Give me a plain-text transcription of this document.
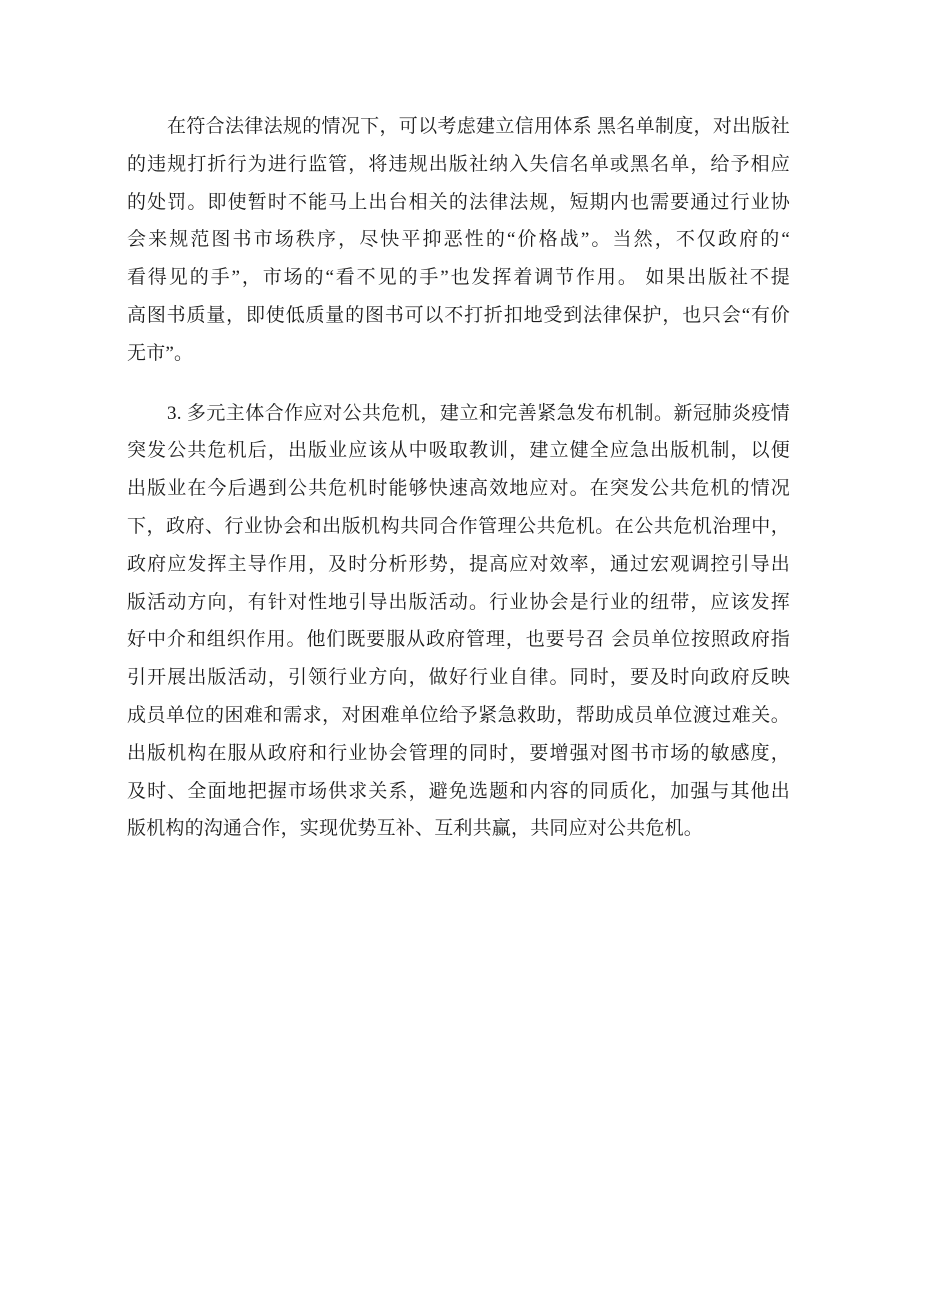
在符合法律法规的情况下，可以考虑建立信用体系 黑名单制度，对出版社
的违规打折行为进行监管，将违规出版社纳入失信名单或黑名单，给予相应
的处罚。即使暂时不能马上出台相关的法律法规，短期内也需要通过行业协
会来规范图书市场秩序，尽快平抑恶性的“价格战”。当然，不仅政府的“
看得见的手”，市场的“看不见的手”也发挥着调节作用。 如果出版社不提
高图书质量，即使低质量的图书可以不打折扣地受到法律保护，也只会“有价
无市”。
3. 多元主体合作应对公共危机，建立和完善紧急发布机制。新冠肺炎疫情
突发公共危机后，出版业应该从中吸取教训，建立健全应急出版机制，以便
出版业在今后遇到公共危机时能够快速高效地应对。在突发公共危机的情况
下，政府、行业协会和出版机构共同合作管理公共危机。在公共危机治理中，
政府应发挥主导作用，及时分析形势，提高应对效率，通过宏观调控引导出
版活动方向，有针对性地引导出版活动。行业协会是行业的纽带，应该发挥
好中介和组织作用。他们既要服从政府管理，也要号召 会员单位按照政府指
引开展出版活动，引领行业方向，做好行业自律。同时，要及时向政府反映
成员单位的困难和需求，对困难单位给予紧急救助，帮助成员单位渡过难关。
出版机构在服从政府和行业协会管理的同时，要增强对图书市场的敏感度，
及时、全面地把握市场供求关系，避免选题和内容的同质化，加强与其他出
版机构的沟通合作，实现优势互补、互利共赢，共同应对公共危机。
